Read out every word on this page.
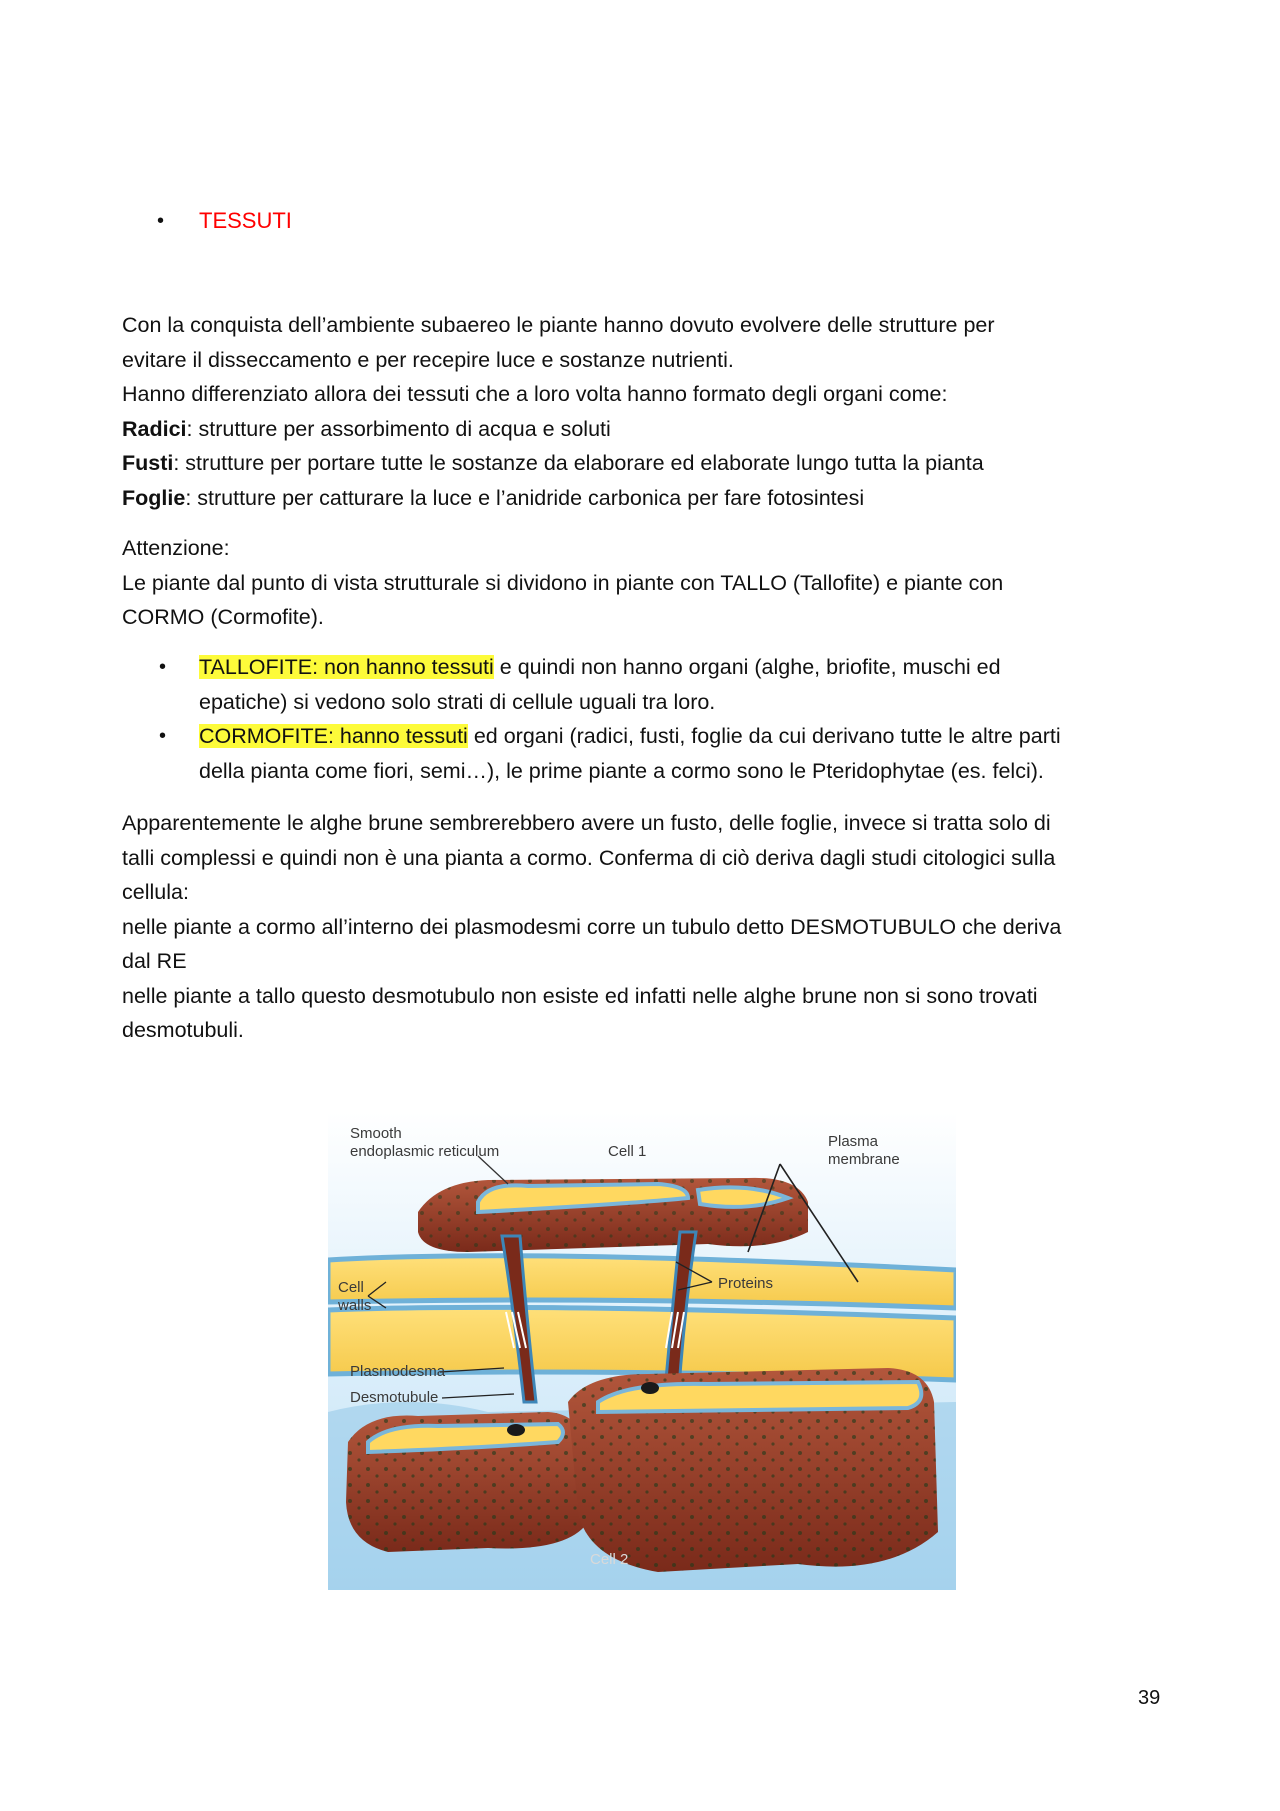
• TESSUTI
Con la conquista dell’ambiente subaereo le piante hanno dovuto evolvere delle strutture per
evitare il disseccamento e per recepire luce e sostanze nutrienti.
Hanno differenziato allora dei tessuti che a loro volta hanno formato degli organi come:
Radici: strutture per assorbimento di acqua e soluti
Fusti: strutture per portare tutte le sostanze da elaborare ed elaborate lungo tutta la pianta
Foglie: strutture per catturare la luce e l’anidride carbonica per fare fotosintesi
Attenzione:
Le piante dal punto di vista strutturale si dividono in piante con TALLO (Tallofite) e piante con
CORMO (Cormofite).
• TALLOFITE: non hanno tessuti e quindi non hanno organi (alghe, briofite, muschi ed
epatiche) si vedono solo strati di cellule uguali tra loro.
• CORMOFITE: hanno tessuti ed organi (radici, fusti, foglie da cui derivano tutte le altre parti
della pianta come fiori, semi…), le prime piante a cormo sono le Pteridophytae (es. felci).
Apparentemente le alghe brune sembrerebbero avere un fusto, delle foglie, invece si tratta solo di
talli complessi e quindi non è una pianta a cormo. Conferma di ciò deriva dagli studi citologici sulla
cellula:
nelle piante a cormo all’interno dei plasmodesmi corre un tubulo detto DESMOTUBULO che deriva
dal RE
nelle piante a tallo questo desmotubulo non esiste ed infatti nelle alghe brune non si sono trovati
desmotubuli.
Smooth
endoplasmic reticulum	Cell 1
Plasma
membrane
Proteins
Cell
walls
Plasmodesma
Desmotubule
Cell 2
39
